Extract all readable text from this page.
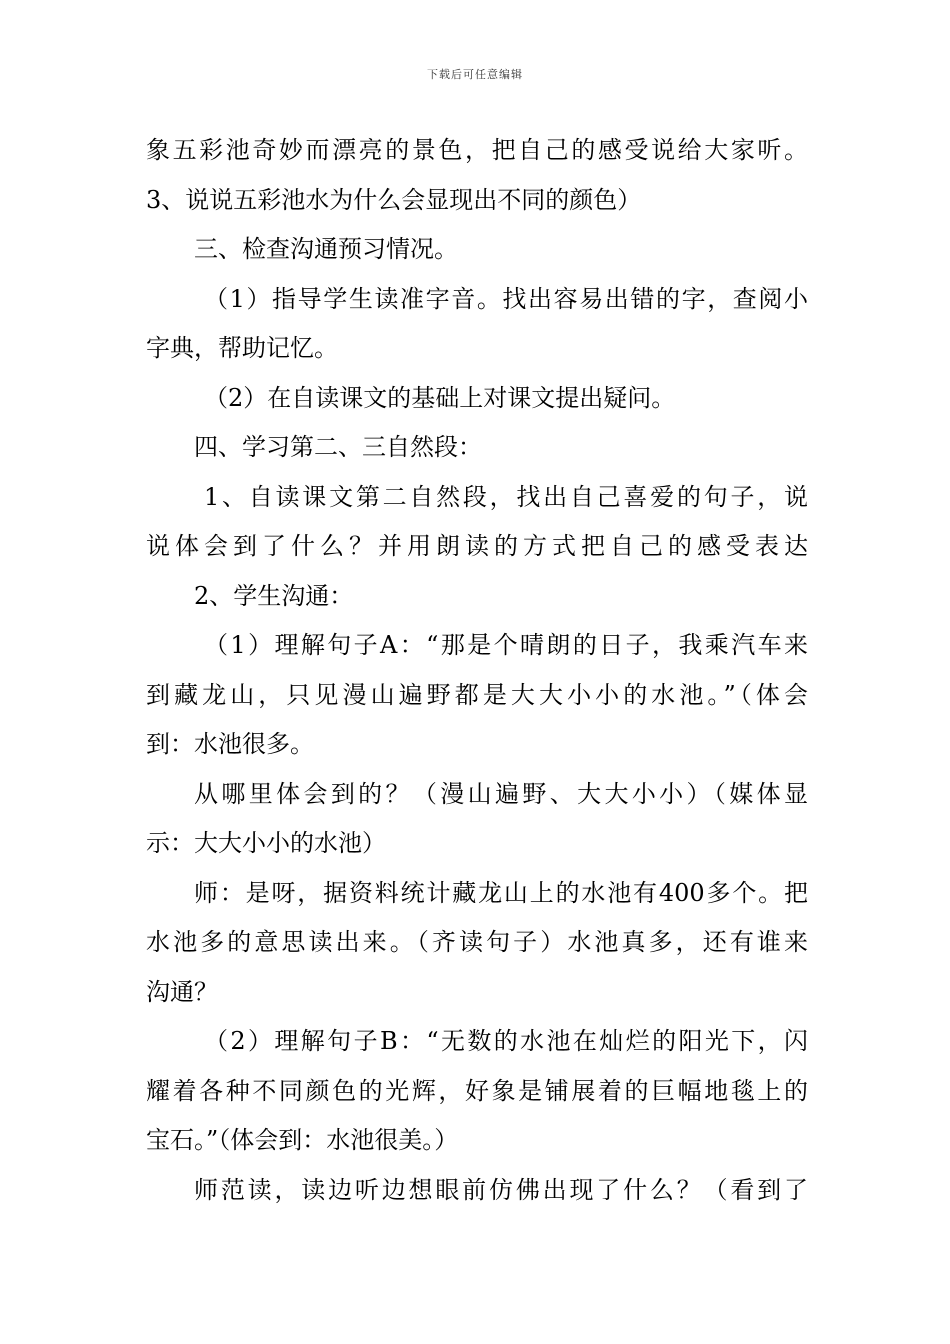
下载后可任意编辑
象五彩池奇妙而漂亮的景色，把自己的感受说给大家听。
3、说说五彩池水为什么会显现出不同的颜色）
三、检查沟通预习情况。
（1）指导学生读准字音。找出容易出错的字，查阅小
字典，帮助记忆。
（2）在自读课文的基础上对课文提出疑问。
四、学习第二、三自然段：
1、自读课文第二自然段，找出自己喜爱的句子，说
说体会到了什么？并用朗读的方式把自己的感受表达
2、学生沟通：
（1）理解句子A：“那是个晴朗的日子，我乘汽车来
到藏龙山，只见漫山遍野都是大大小小的水池。”（体会
到：水池很多。
从哪里体会到的？（漫山遍野、大大小小）（媒体显
示：大大小小的水池）
师：是呀，据资料统计藏龙山上的水池有400多个。把
水池多的意思读出来。（齐读句子）水池真多，还有谁来
沟通？
（2）理解句子B：“无数的水池在灿烂的阳光下，闪
耀着各种不同颜色的光辉，好象是铺展着的巨幅地毯上的
宝石。”（体会到：水池很美。）
师范读，读边听边想眼前仿佛出现了什么？（看到了
